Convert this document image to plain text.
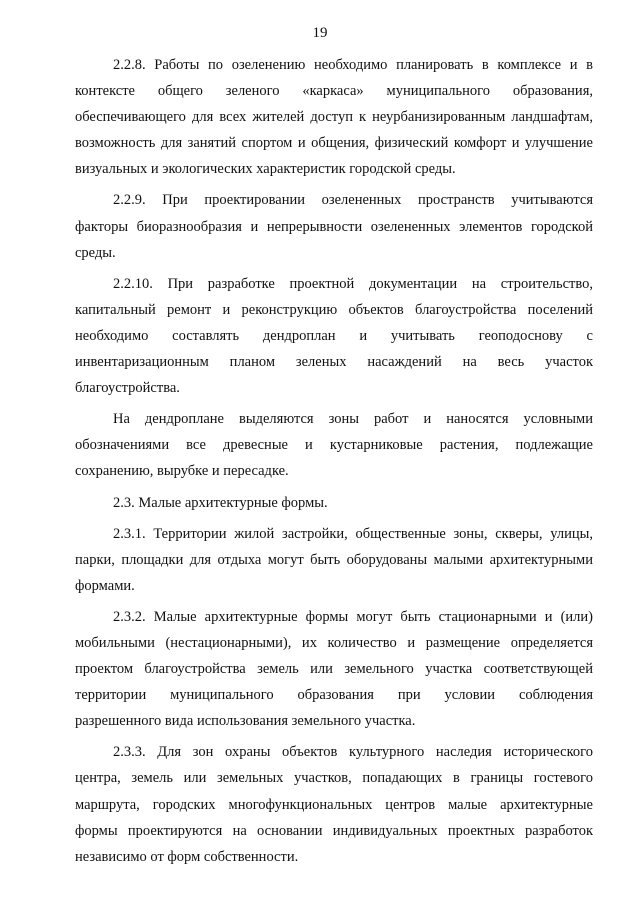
19
2.2.8. Работы по озеленению необходимо планировать в комплексе и в
контексте общего зеленого «каркаса» муниципального образования,
обеспечивающего для всех жителей доступ к неурбанизированным ландшафтам,
возможность для занятий спортом и общения, физический комфорт и улучшение
визуальных и экологических характеристик городской среды.
2.2.9. При проектировании озелененных пространств учитываются
факторы биоразнообразия и непрерывности озелененных элементов городской
среды.
2.2.10. При разработке проектной документации на строительство,
капитальный ремонт и реконструкцию объектов благоустройства поселений
необходимо составлять дендроплан и учитывать геоподоснову с
инвентаризационным планом зеленых насаждений на весь участок
благоустройства.
На дендроплане выделяются зоны работ и наносятся условными
обозначениями все древесные и кустарниковые растения, подлежащие
сохранению, вырубке и пересадке.
2.3. Малые архитектурные формы.
2.3.1. Территории жилой застройки, общественные зоны, скверы, улицы,
парки, площадки для отдыха могут быть оборудованы малыми архитектурными
формами.
2.3.2. Малые архитектурные формы могут быть стационарными и (или)
мобильными (нестационарными), их количество и размещение определяется
проектом благоустройства земель или земельного участка соответствующей
территории муниципального образования при условии соблюдения
разрешенного вида использования земельного участка.
2.3.3. Для зон охраны объектов культурного наследия исторического
центра, земель или земельных участков, попадающих в границы гостевого
маршрута, городских многофункциональных центров малые архитектурные
формы проектируются на основании индивидуальных проектных разработок
независимо от форм собственности.
